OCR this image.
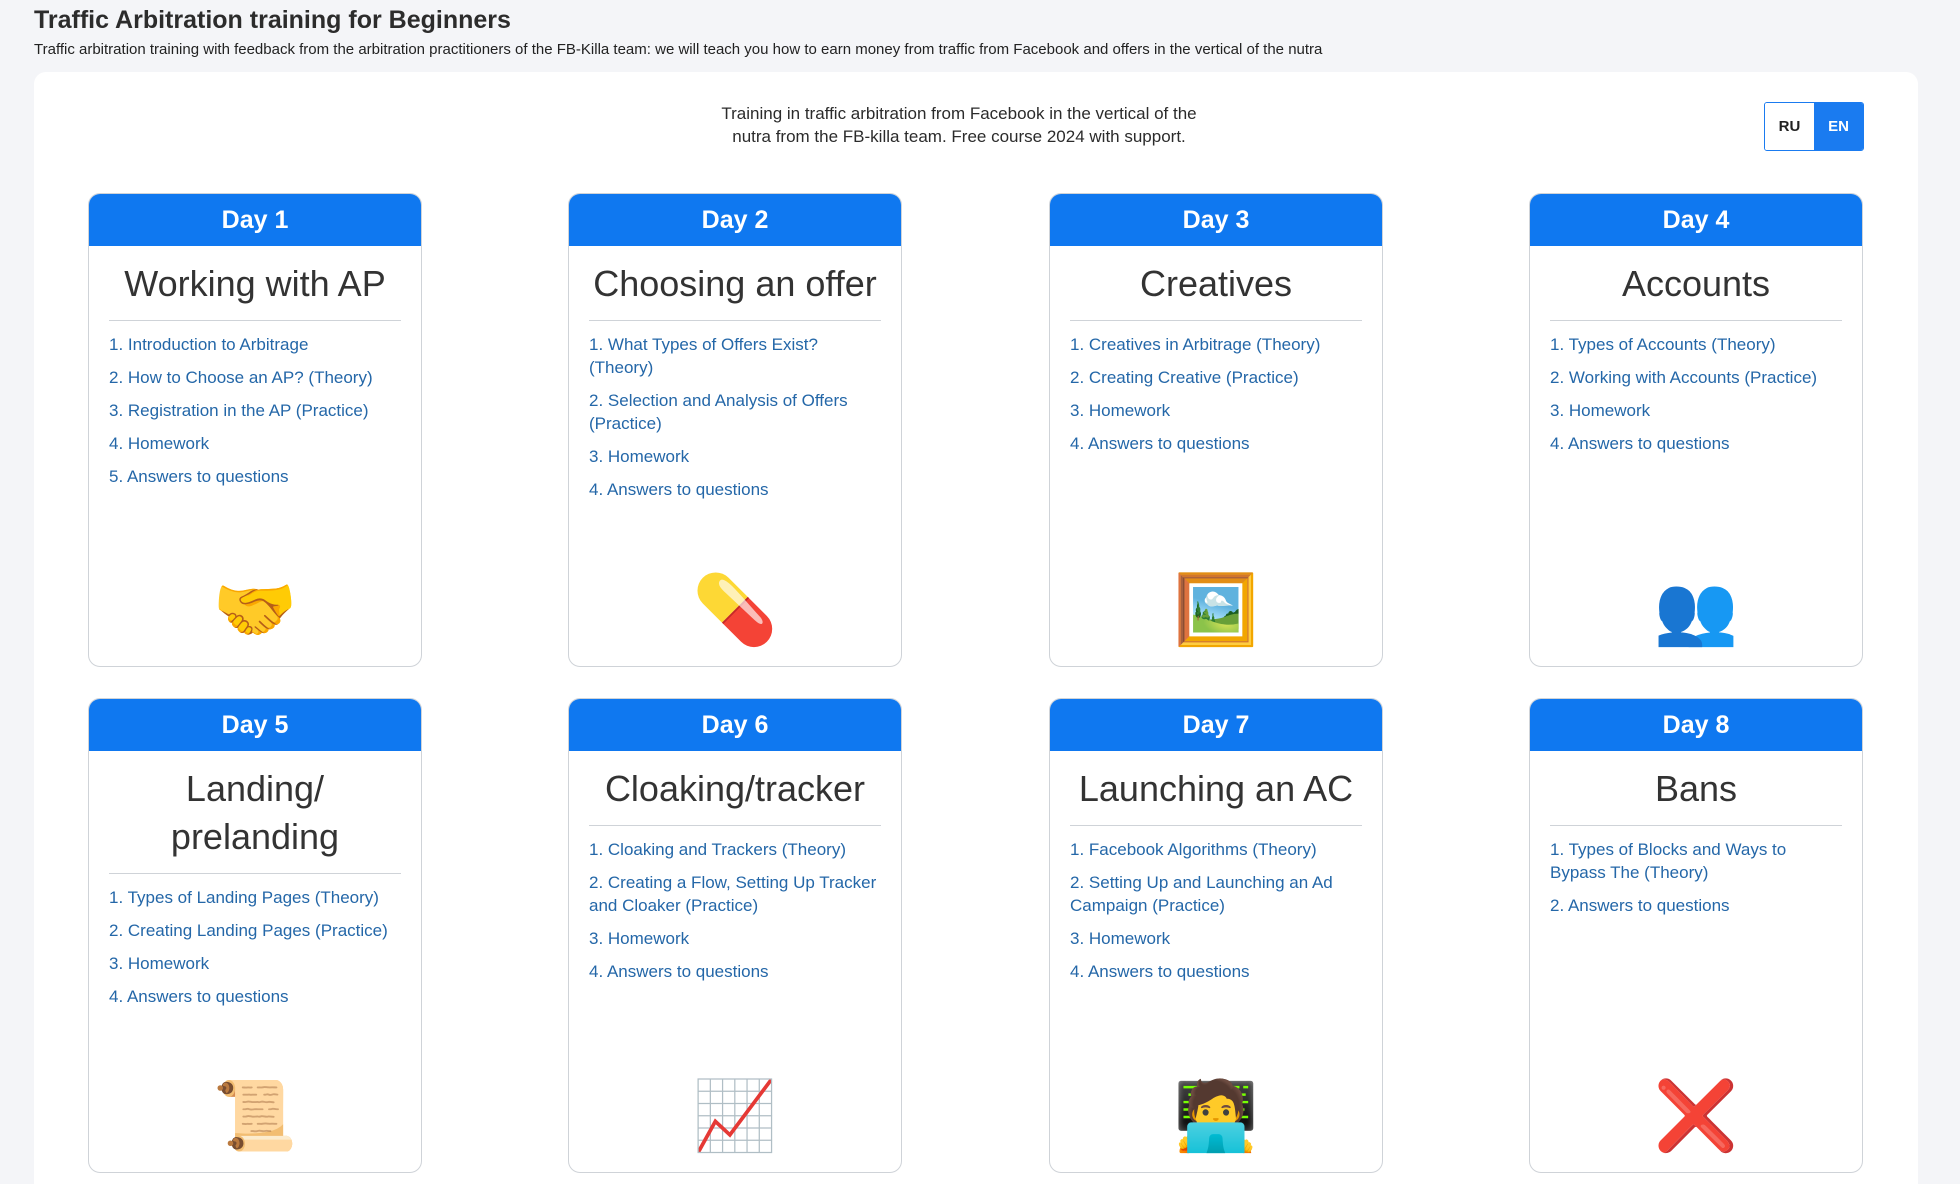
Traffic Arbitration training for Beginners
Traffic arbitration training with feedback from the arbitration practitioners of the FB-Killa team: we will teach you how to earn money from traffic from Facebook and offers in the vertical of the nutra
Training in traffic arbitration from Facebook in the vertical of the
nutra from the FB-killa team. Free course 2024 with support.
RU	EN
Day 1
Working with AP
1. Introduction to Arbitrage
2. How to Choose an AP? (Theory)
3. Registration in the AP (Practice)
4. Homework
5. Answers to questions
🤝
Day 2
Choosing an offer
1. What Types of Offers Exist? (Theory)
2. Selection and Analysis of Offers (Practice)
3. Homework
4. Answers to questions
💊
Day 3
Creatives
1. Creatives in Arbitrage (Theory)
2. Creating Creative (Practice)
3. Homework
4. Answers to questions
🖼️
Day 4
Accounts
1. Types of Accounts (Theory)
2. Working with Accounts (Practice)
3. Homework
4. Answers to questions
👥
Day 5
Landing/ prelanding
1. Types of Landing Pages (Theory)
2. Creating Landing Pages (Practice)
3. Homework
4. Answers to questions
📜
Day 6
Cloaking/tracker
1. Cloaking and Trackers (Theory)
2. Creating a Flow, Setting Up Tracker and Cloaker (Practice)
3. Homework
4. Answers to questions
📈
Day 7
Launching an AC
1. Facebook Algorithms (Theory)
2. Setting Up and Launching an Ad Campaign (Practice)
3. Homework
4. Answers to questions
🧑‍💻
Day 8
Bans
1. Types of Blocks and Ways to Bypass The (Theory)
2. Answers to questions
❌
